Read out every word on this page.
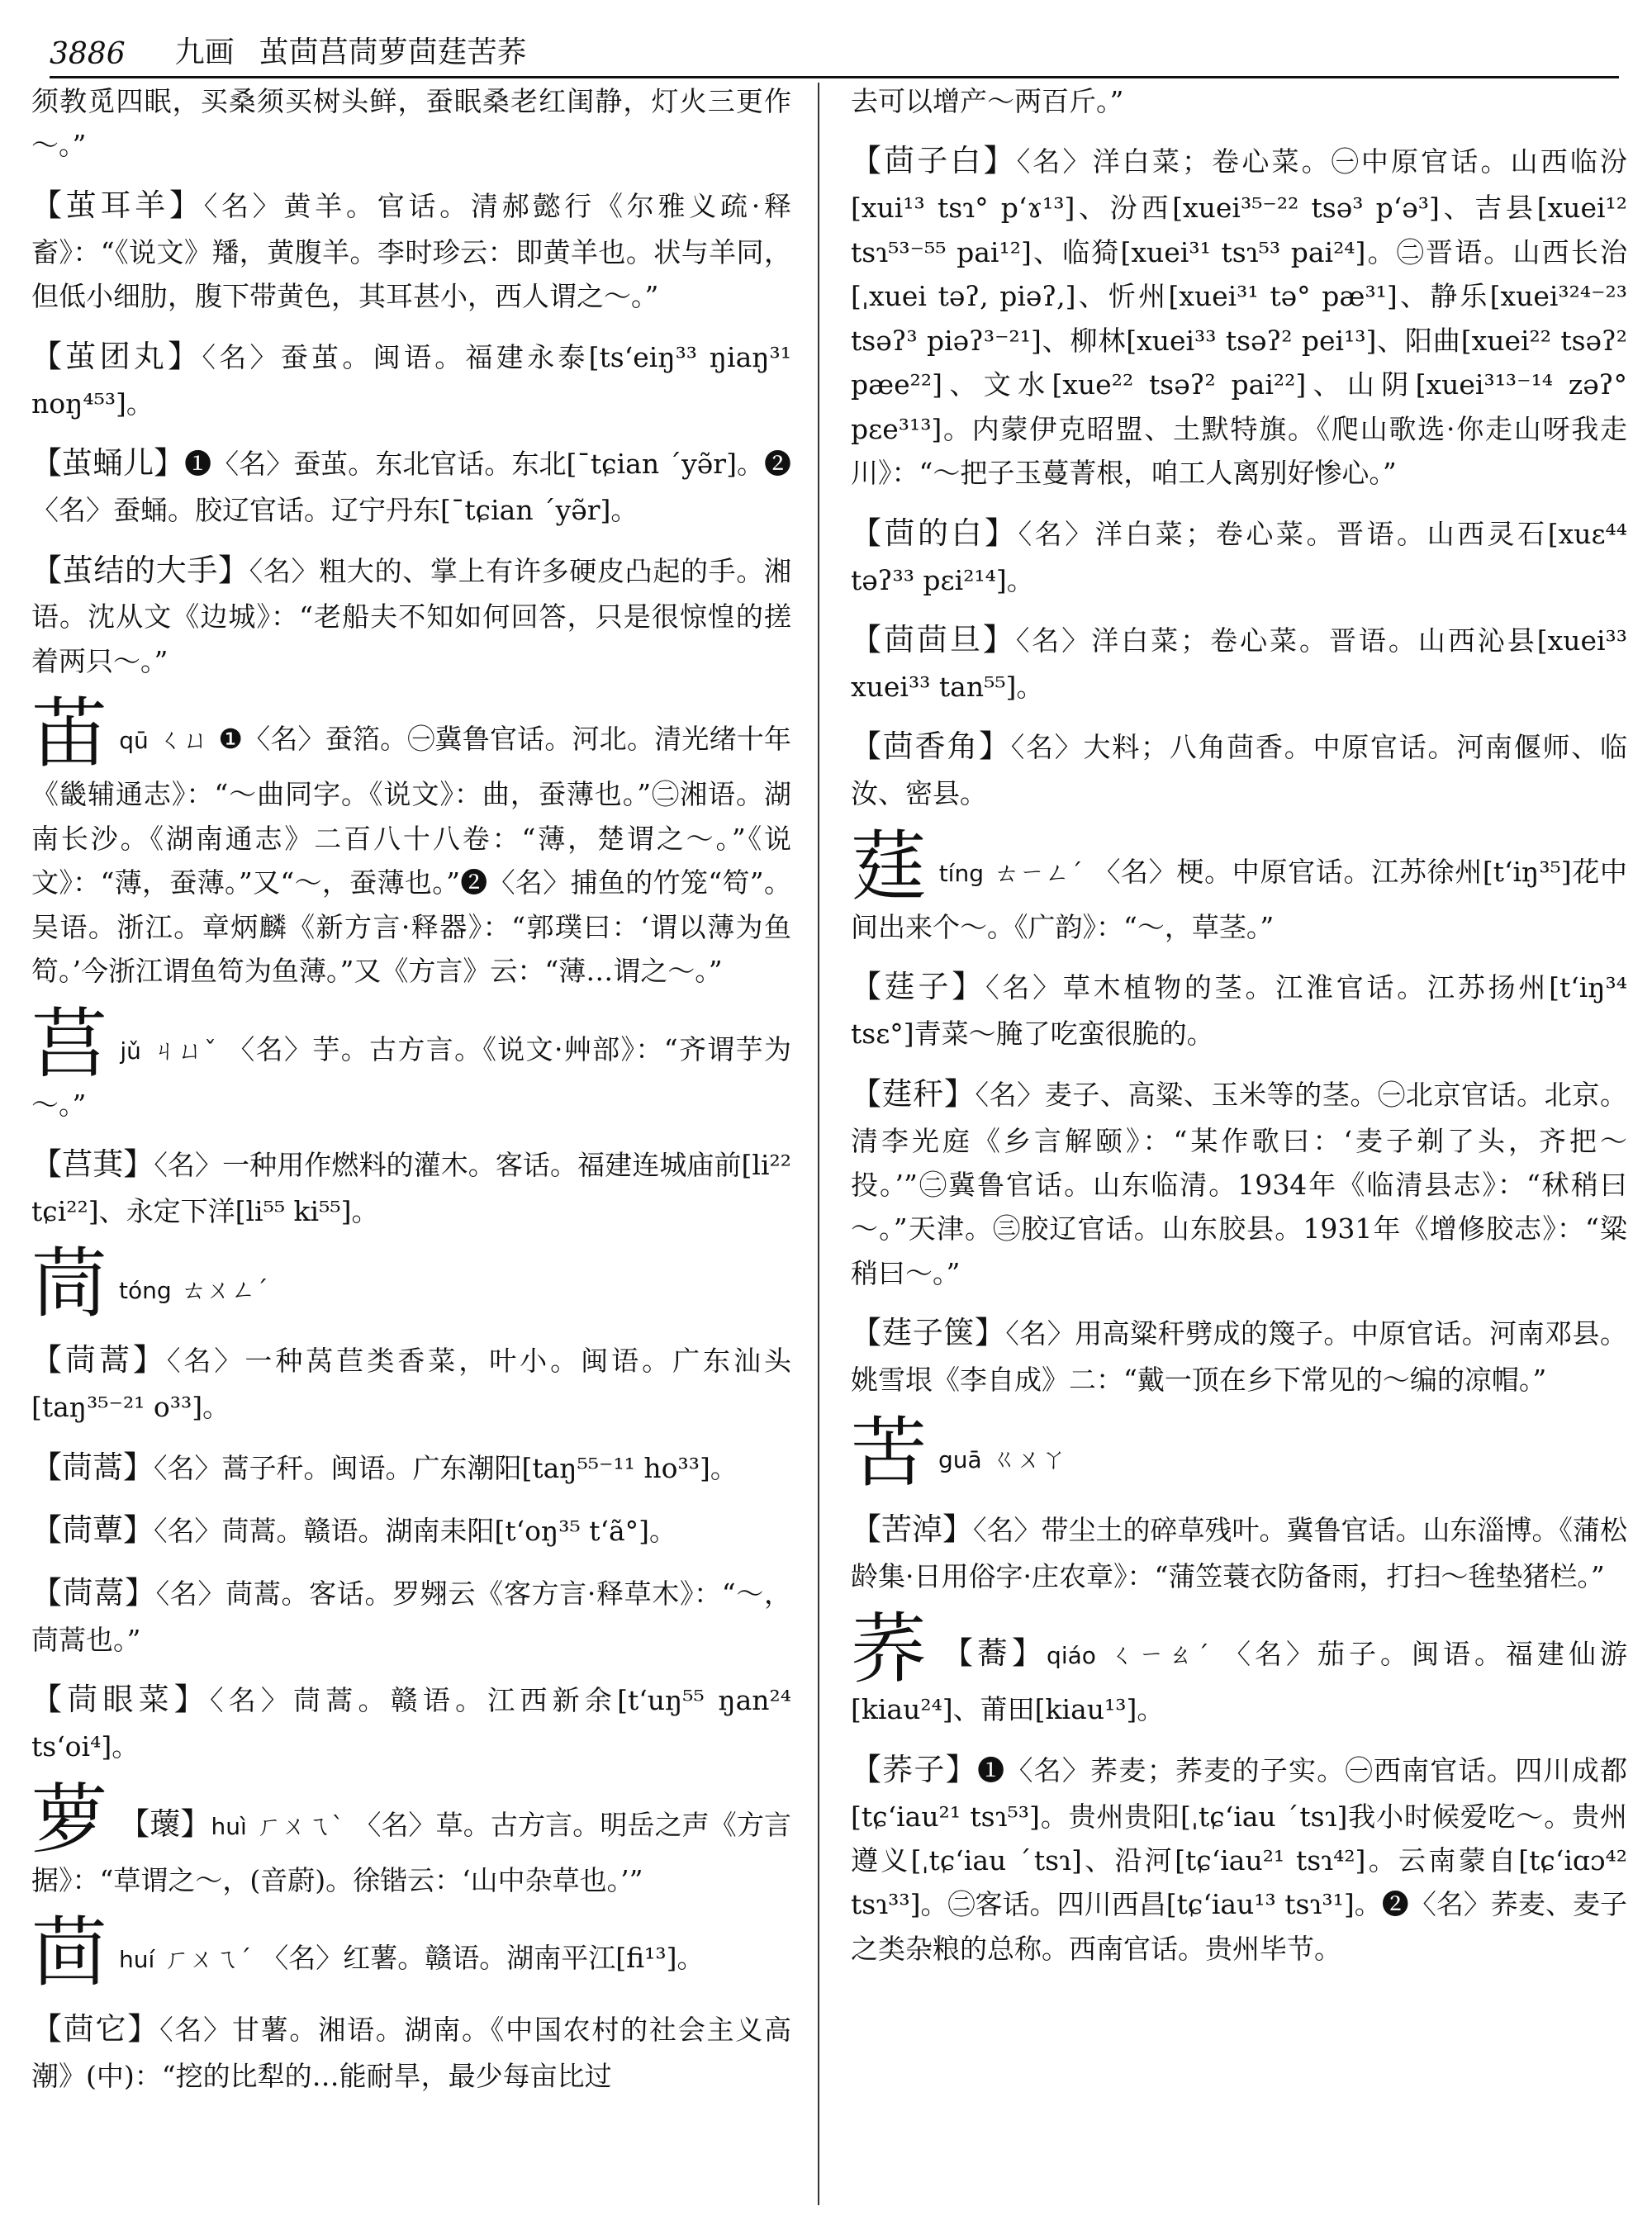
3886 九画 茧茴莒茼萝茴莛苦荞

须教觅四眠，买桑须买树头鲜，蚕眠桑老红闺静，灯火三更作～。”

【茧耳羊】〈名〉黄羊。官话。清郝懿行《尔雅义疏·释畜》：“《说文》羳，黄腹羊。李时珍云：即黄羊也。状与羊同，但低小细肋，腹下带黄色，其耳甚小，西人谓之～。”

【茧团丸】〈名〉蚕茧。闽语。福建永泰[ts‘eiŋ³³ ŋiaŋ³¹ noŋ⁴⁵³]。

【茧蛹儿】❶〈名〉蚕茧。东北官话。东北[ˉtɕian ˊyə̃r]。❷〈名〉蚕蛹。胶辽官话。辽宁丹东[ˉtɕian ˊyə̃r]。

【茧结的大手】〈名〉粗大的、掌上有许多硬皮凸起的手。湘语。沈从文《边城》：“老船夫不知如何回答，只是很惊惶的搓着两只～。”

苖qū ㄑㄩ ❶〈名〉蚕箔。㊀冀鲁官话。河北。清光绪十年《畿辅通志》：“～曲同字。《说文》：曲，蚕薄也。”㊁湘语。湖南长沙。《湖南通志》二百八十八卷：“薄，楚谓之～。”《说文》：“薄，蚕薄。”又“～，蚕薄也。”❷〈名〉捕鱼的竹笼“笱”。吴语。浙江。章炳麟《新方言·释器》：“郭璞曰：‘谓以薄为鱼笱。’今浙江谓鱼笱为鱼薄。”又《方言》云：“薄…谓之～。”

莒jǔ ㄐㄩˇ 〈名〉芋。古方言。《说文·艸部》：“齐谓芋为～。”

【莒萁】〈名〉一种用作燃料的灌木。客话。福建连城庙前[li²² tɕi²²]、永定下洋[li⁵⁵ ki⁵⁵]。

茼tóng ㄊㄨㄥˊ

【茼蒿】〈名〉一种莴苣类香菜，叶小。闽语。广东汕头[taŋ³⁵⁻²¹ o³³]。

【茼蒿】〈名〉蒿子秆。闽语。广东潮阳[taŋ⁵⁵⁻¹¹ ho³³]。

【茼蕈】〈名〉茼蒿。赣语。湖南耒阳[t‘oŋ³⁵ t‘ã°]。

【茼蒚】〈名〉茼蒿。客话。罗翙云《客方言·释草木》：“～，茼蒿也。”

【茼眼菜】〈名〉茼蒿。赣语。江西新余[t‘uŋ⁵⁵ ŋan²⁴ ts‘oi⁴]。

萝 【蘾】huì ㄏㄨㄟˋ 〈名〉草。古方言。明岳之声《方言据》：“草谓之～，(音蔚)。徐锴云：‘山中杂草也。’”

茴huí ㄏㄨㄟˊ 〈名〉红薯。赣语。湖南平江[fi¹³]。

【茴它】〈名〉甘薯。湘语。湖南。《中国农村的社会主义高潮》(中)：“挖的比犁的…能耐旱，最少每亩比过

去可以增产～两百斤。”

【茴子白】〈名〉洋白菜；卷心菜。㊀中原官话。山西临汾[xui¹³ tsɿ° p‘ɤ¹³]、汾西[xuei³⁵⁻²² tsə³ p‘ə³]、吉县[xuei¹² tsɿ⁵³⁻⁵⁵ pai¹²]、临猗[xuei³¹ tsɿ⁵³ pai²⁴]。㊁晋语。山西长治[ˌxuei təʔ, piəʔ,]、忻州[xuei³¹ tə° pæ³¹]、静乐[xuei³²⁴⁻²³ tsəʔ³ piəʔ³⁻²¹]、柳林[xuei³³ tsəʔ² pei¹³]、阳曲[xuei²² tsəʔ² pæe²²]、文水[xue²² tsəʔ² pai²²]、山阴[xuei³¹³⁻¹⁴ zəʔ° pɛe³¹³]。内蒙伊克昭盟、土默特旗。《爬山歌选·你走山呀我走川》：“～把子玉蔓菁根，咱工人离别好惨心。”

【茴的白】〈名〉洋白菜；卷心菜。晋语。山西灵石[xuɛ⁴⁴ təʔ³³ pɛi²¹⁴]。

【茴茴旦】〈名〉洋白菜；卷心菜。晋语。山西沁县[xuei³³ xuei³³ tan⁵⁵]。

【茴香角】〈名〉大料；八角茴香。中原官话。河南偃师、临汝、密县。

莛tíng ㄊㄧㄥˊ 〈名〉梗。中原官话。江苏徐州[t‘iŋ³⁵]花中间出来个～。《广韵》：“～，草茎。”

【莛子】〈名〉草木植物的茎。江淮官话。江苏扬州[t‘iŋ³⁴ tsɛ°]青菜～腌了吃蛮很脆的。

【莛秆】〈名〉麦子、高粱、玉米等的茎。㊀北京官话。北京。清李光庭《乡言解颐》：“某作歌曰：‘麦子剃了头，齐把～投。’”㊁冀鲁官话。山东临清。1934年《临清县志》：“秫稍曰～。”天津。㊂胶辽官话。山东胶县。1931年《增修胶志》：“粱稍曰～。”

【莛子箧】〈名〉用高粱秆劈成的篾子。中原官话。河南邓县。姚雪垠《李自成》二：“戴一顶在乡下常见的～编的凉帽。”

苦guā ㄍㄨㄚ

【苦淖】〈名〉带尘土的碎草残叶。冀鲁官话。山东淄博。《蒲松龄集·日用俗字·庄农章》：“蒲笠蓑衣防备雨，打扫～毪垫猪栏。”

荞 【蕎】qiáo ㄑㄧㄠˊ 〈名〉茄子。闽语。福建仙游[kiau²⁴]、莆田[kiau¹³]。

【荞子】❶〈名〉荞麦；荞麦的子实。㊀西南官话。四川成都[tɕ‘iau²¹ tsɿ⁵³]。贵州贵阳[ˌtɕ‘iau ˊtsɿ]我小时候爱吃～。贵州遵义[ˌtɕ‘iau ˊtsɿ]、沿河[tɕ‘iau²¹ tsɿ⁴²]。云南蒙自[tɕ‘iɑɔ⁴² tsɿ³³]。㊁客话。四川西昌[tɕ‘iau¹³ tsɿ³¹]。❷〈名〉荞麦、麦子之类杂粮的总称。西南官话。贵州毕节。
